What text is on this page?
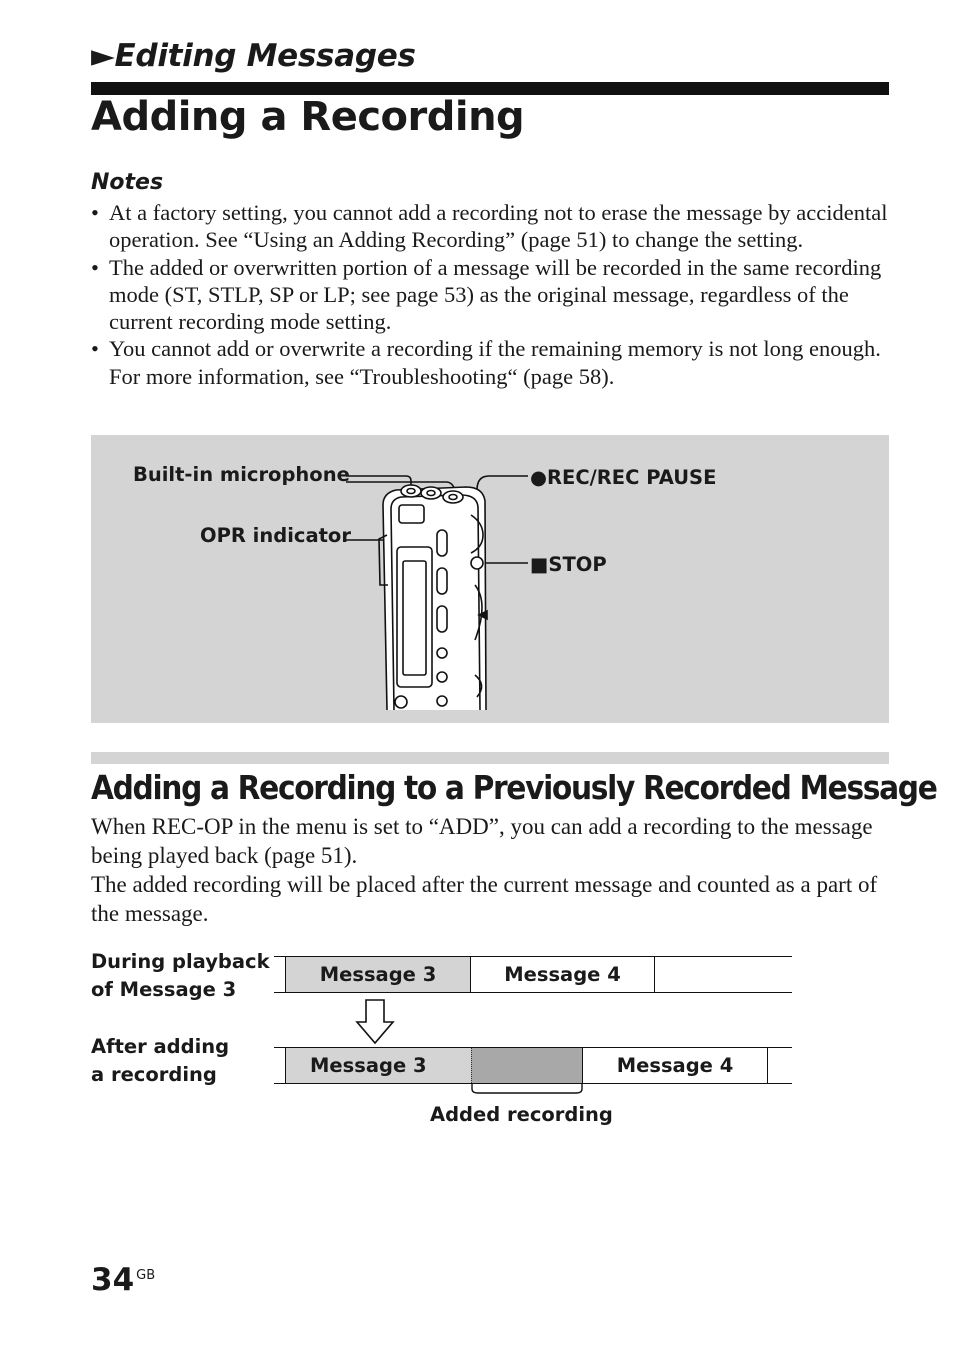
►Editing Messages
Adding a Recording
Notes
• At a factory setting, you cannot add a recording not to erase the message by accidental operation. See “Using an Adding Recording” (page 51) to change the setting.
• The added or overwritten portion of a message will be recorded in the same recording mode (ST, STLP, SP or LP; see page 53) as the original message, regardless of the current recording mode setting.
• You cannot add or overwrite a recording if the remaining memory is not long enough. For more information, see “Troubleshooting“ (page 58).
Built-in microphone
OPR indicator
●REC/REC PAUSE
■STOP
Adding a Recording to a Previously Recorded Message

When REC-OP in the menu is set to “ADD”, you can add a recording to the message being played back (page 51).

The added recording will be placed after the current message and counted as a part of the message.

During playback
of Message 3
After adding
a recording
Message 3	Message 4
Message 3	Message 4
Added recording
34 $^{GB}$
